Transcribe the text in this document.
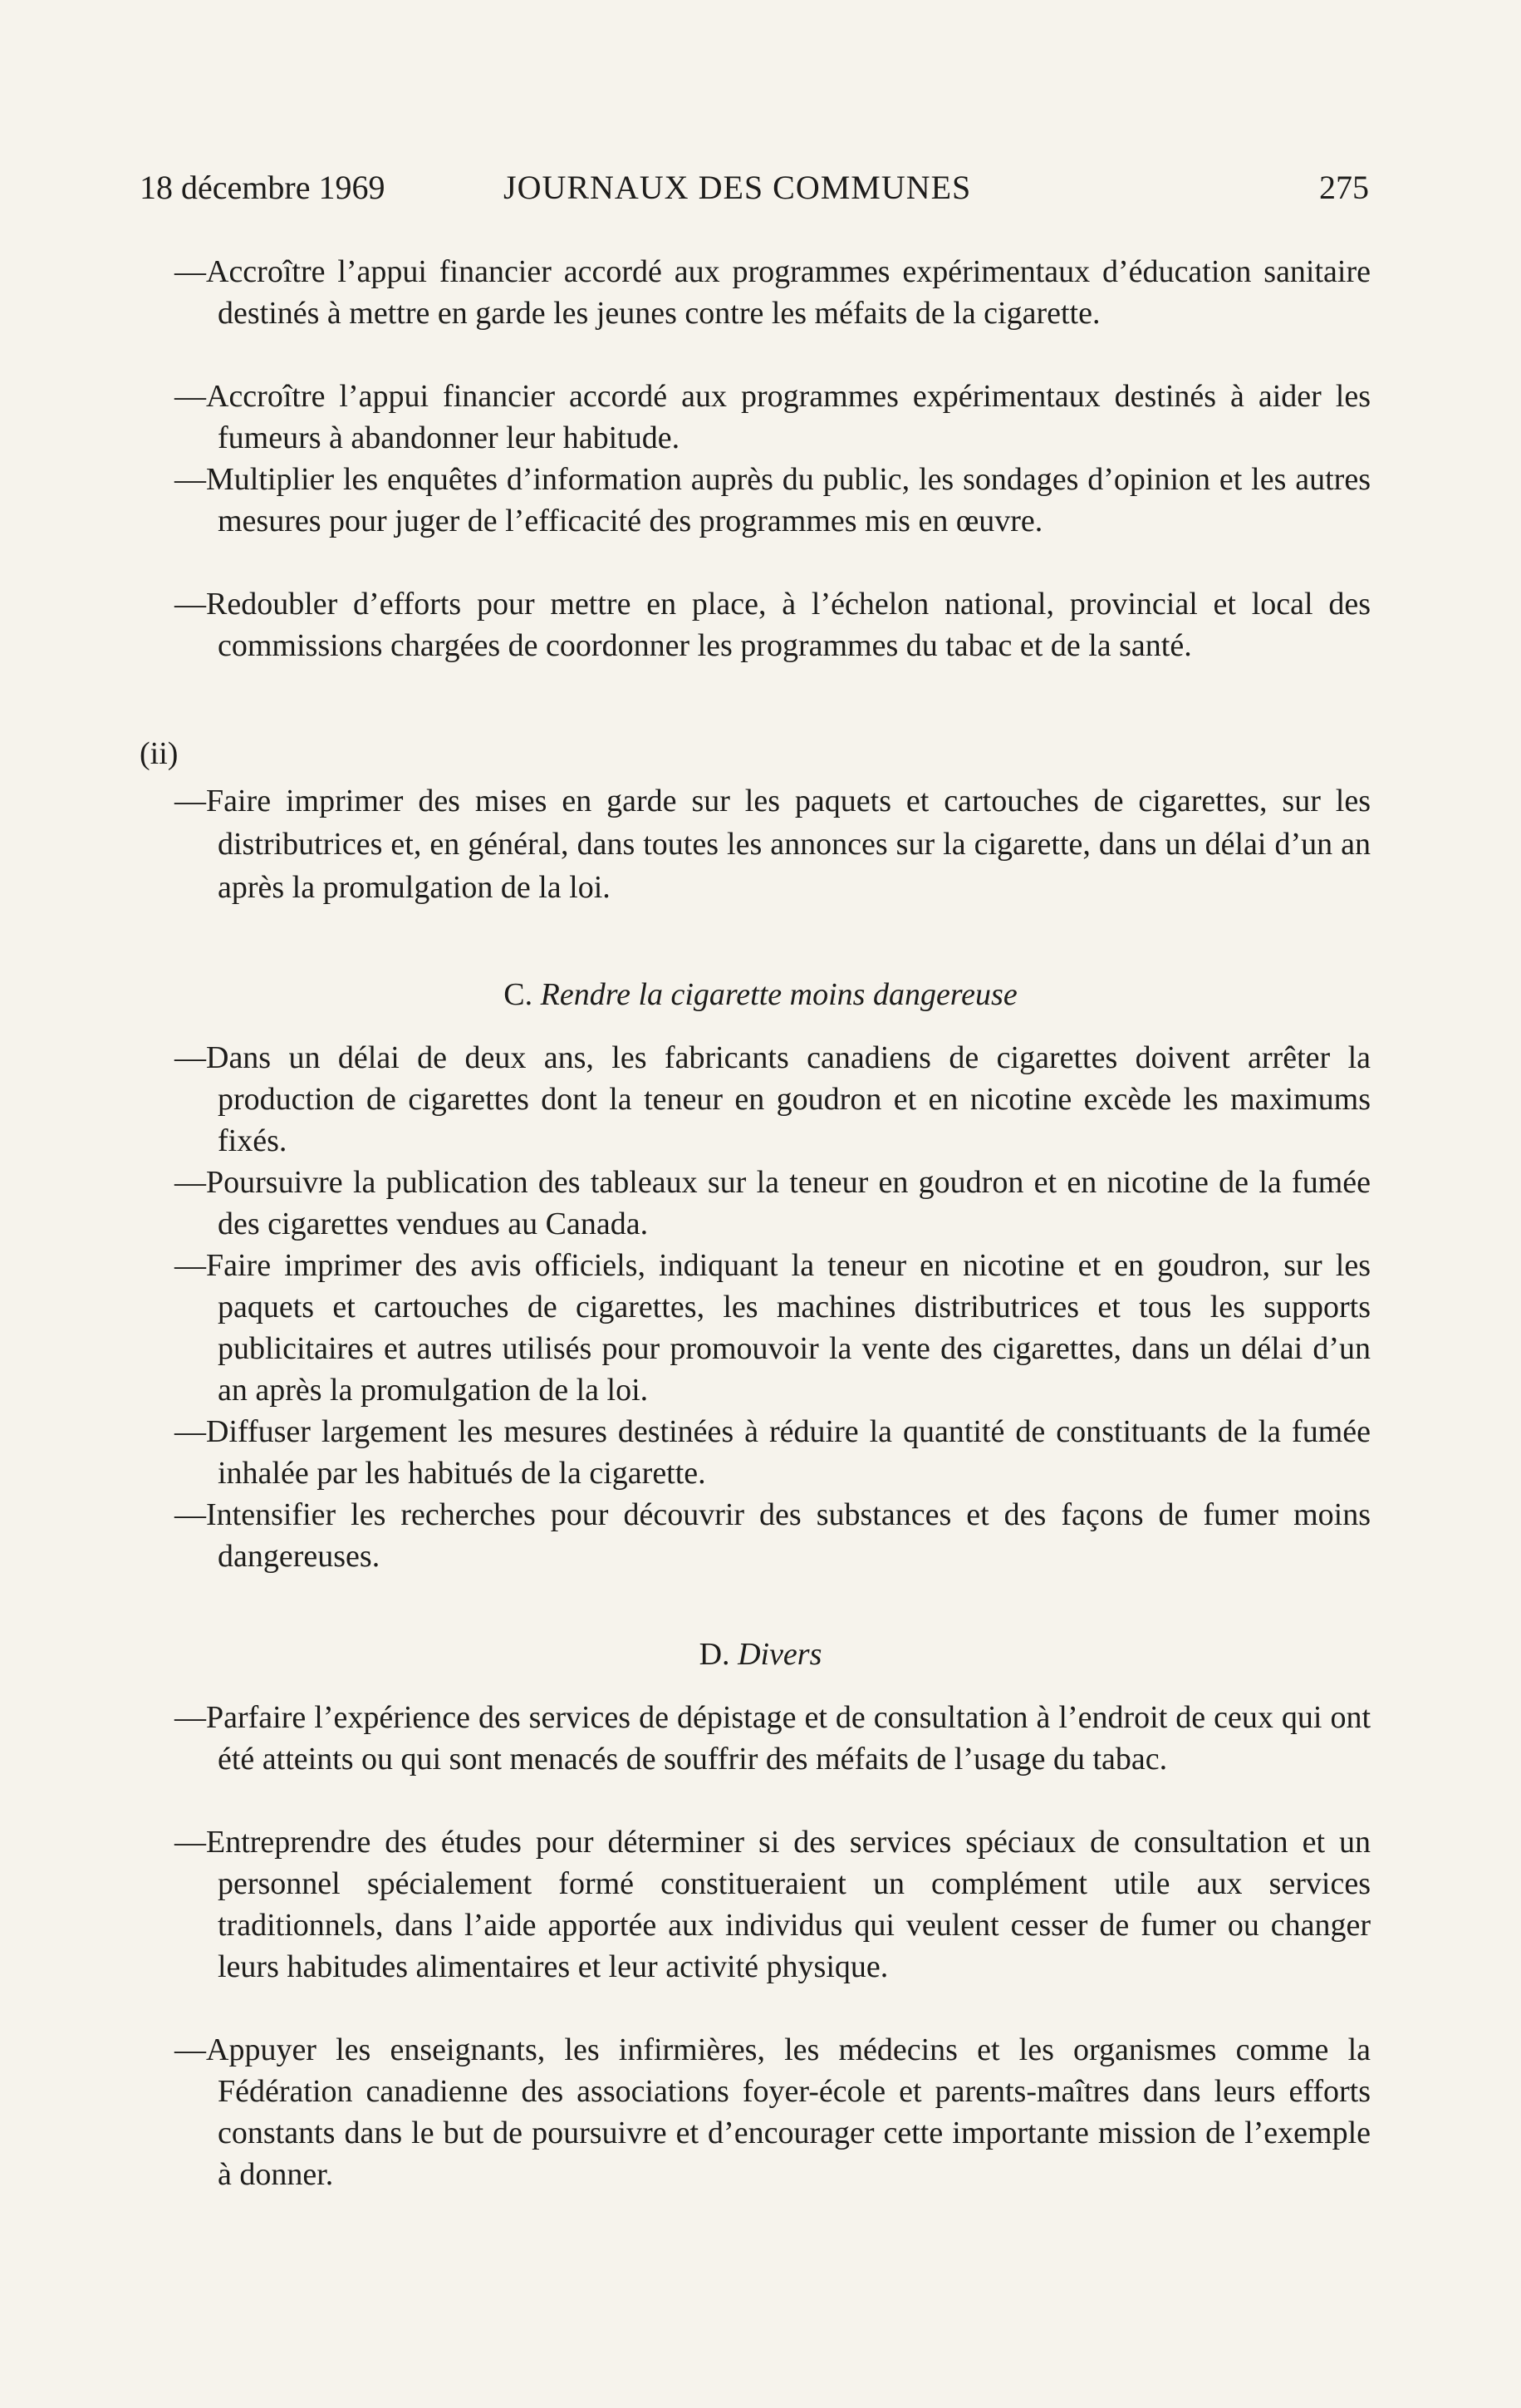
18 décembre 1969	JOURNAUX DES COMMUNES	275
—Accroître l’appui financier accordé aux programmes expérimentaux d’éducation sanitaire destinés à mettre en garde les jeunes contre les méfaits de la cigarette.
—Accroître l’appui financier accordé aux programmes expérimentaux destinés à aider les fumeurs à abandonner leur habitude.
—Multiplier les enquêtes d’information auprès du public, les sondages d’opinion et les autres mesures pour juger de l’efficacité des programmes mis en œuvre.
—Redoubler d’efforts pour mettre en place, à l’échelon national, provincial et local des commissions chargées de coordonner les programmes du tabac et de la santé.
(ii)
—Faire imprimer des mises en garde sur les paquets et cartouches de cigarettes, sur les distributrices et, en général, dans toutes les annonces sur la cigarette, dans un délai d’un an après la promulgation de la loi.
C. Rendre la cigarette moins dangereuse
—Dans un délai de deux ans, les fabricants canadiens de cigarettes doivent arrêter la production de cigarettes dont la teneur en goudron et en nicotine excède les maximums fixés.
—Poursuivre la publication des tableaux sur la teneur en goudron et en nicotine de la fumée des cigarettes vendues au Canada.
—Faire imprimer des avis officiels, indiquant la teneur en nicotine et en goudron, sur les paquets et cartouches de cigarettes, les machines distributrices et tous les supports publicitaires et autres utilisés pour promouvoir la vente des cigarettes, dans un délai d’un an après la promulgation de la loi.
—Diffuser largement les mesures destinées à réduire la quantité de constituants de la fumée inhalée par les habitués de la cigarette.
—Intensifier les recherches pour découvrir des substances et des façons de fumer moins dangereuses.
D. Divers
—Parfaire l’expérience des services de dépistage et de consultation à l’endroit de ceux qui ont été atteints ou qui sont menacés de souffrir des méfaits de l’usage du tabac.
—Entreprendre des études pour déterminer si des services spéciaux de consultation et un personnel spécialement formé constitueraient un complément utile aux services traditionnels, dans l’aide apportée aux individus qui veulent cesser de fumer ou changer leurs habitudes alimentaires et leur activité physique.
—Appuyer les enseignants, les infirmières, les médecins et les organismes comme la Fédération canadienne des associations foyer-école et parents-maîtres dans leurs efforts constants dans le but de poursuivre et d’encourager cette importante mission de l’exemple à donner.
